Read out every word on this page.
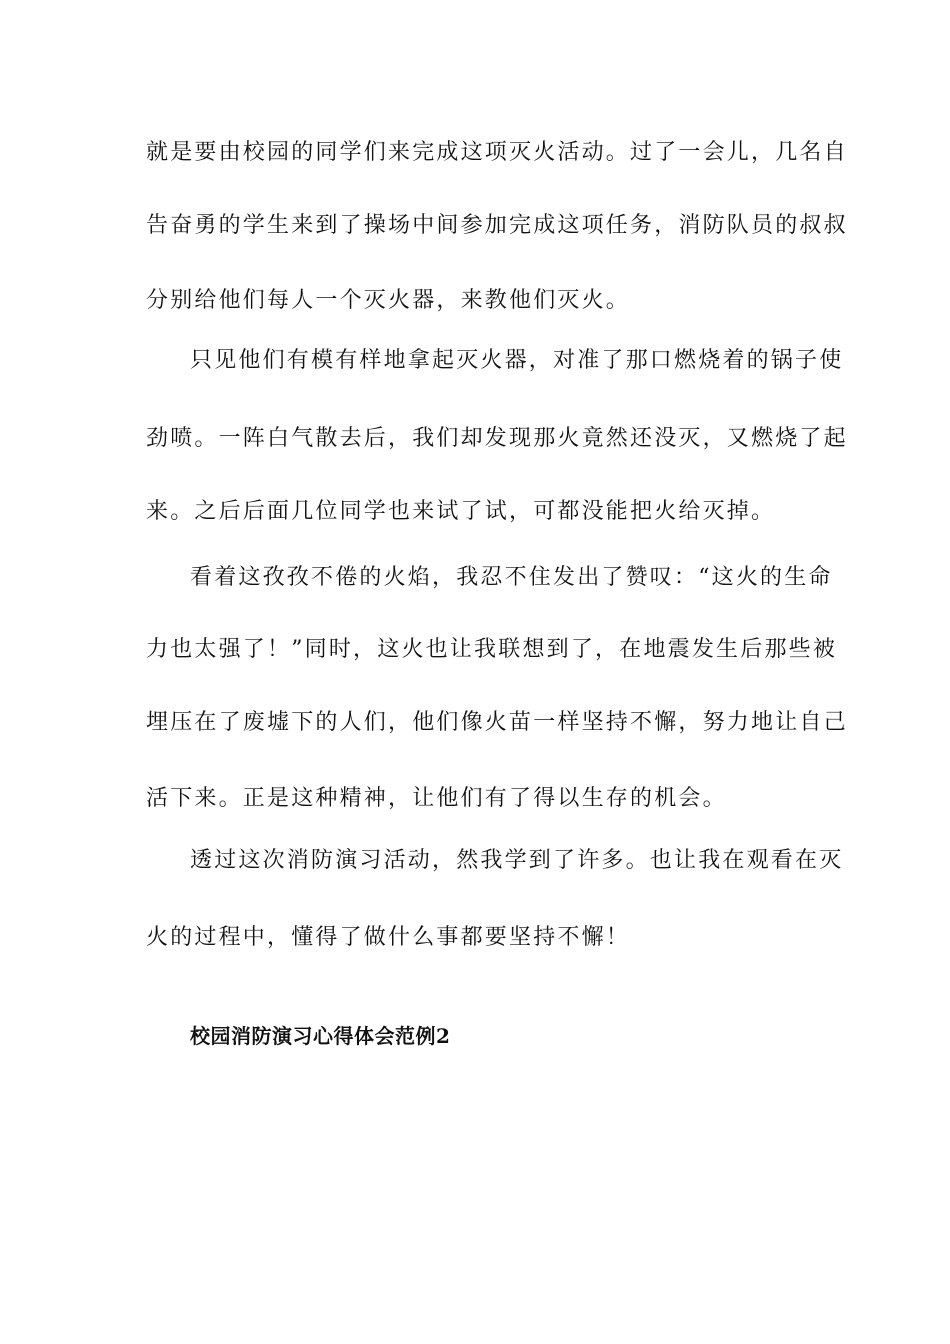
就是要由校园的同学们来完成这项灭火活动。过了一会儿，几名自
告奋勇的学生来到了操场中间参加完成这项任务，消防队员的叔叔
分别给他们每人一个灭火器，来教他们灭火。
只见他们有模有样地拿起灭火器，对准了那口燃烧着的锅子使
劲喷。一阵白气散去后，我们却发现那火竟然还没灭，又燃烧了起
来。之后后面几位同学也来试了试，可都没能把火给灭掉。
看着这孜孜不倦的火焰，我忍不住发出了赞叹：“这火的生命
力也太强了！”同时，这火也让我联想到了，在地震发生后那些被
埋压在了废墟下的人们，他们像火苗一样坚持不懈，努力地让自己
活下来。正是这种精神，让他们有了得以生存的机会。
透过这次消防演习活动，然我学到了许多。也让我在观看在灭
火的过程中，懂得了做什么事都要坚持不懈！
校园消防演习心得体会范例2
